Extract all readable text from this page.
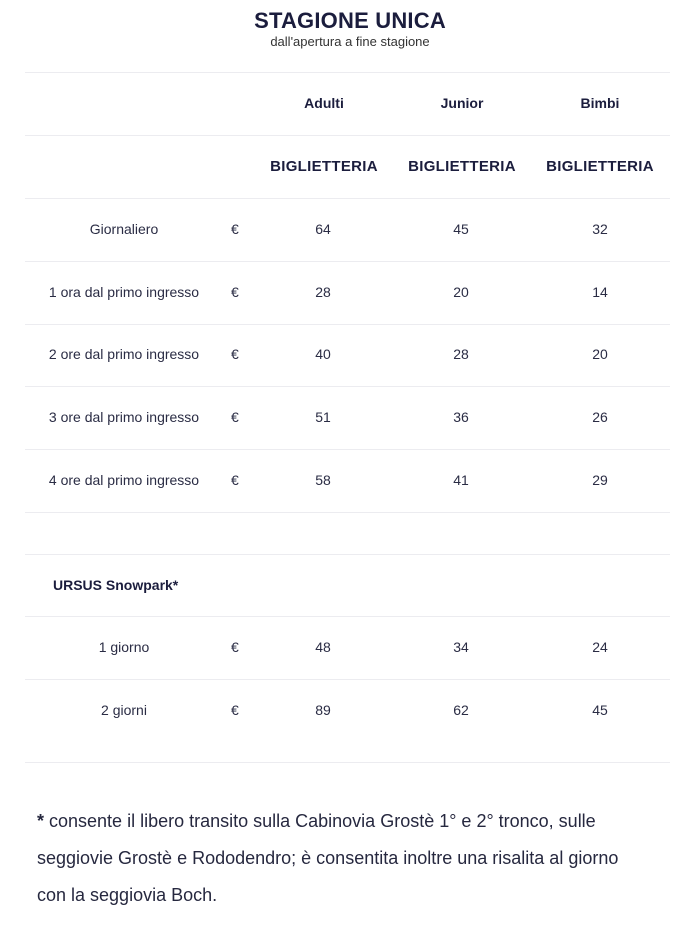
STAGIONE UNICA
dall'apertura a fine stagione
Adulti	Junior	Bimbi
BIGLIETTERIA	BIGLIETTERIA	BIGLIETTERIA
Giornaliero	€	64	45	32
1 ora dal primo ingresso	€	28	20	14
2 ore dal primo ingresso	€	40	28	20
3 ore dal primo ingresso	€	51	36	26
4 ore dal primo ingresso	€	58	41	29
URSUS Snowpark*
1 giorno	€	48	34	24
2 giorni	€	89	62	45
* consente il libero transito sulla Cabinovia Grostè 1° e 2° tronco, sulle seggiovie Grostè e Rododendro; è consentita inoltre una risalita al giorno con la seggiovia Boch.
